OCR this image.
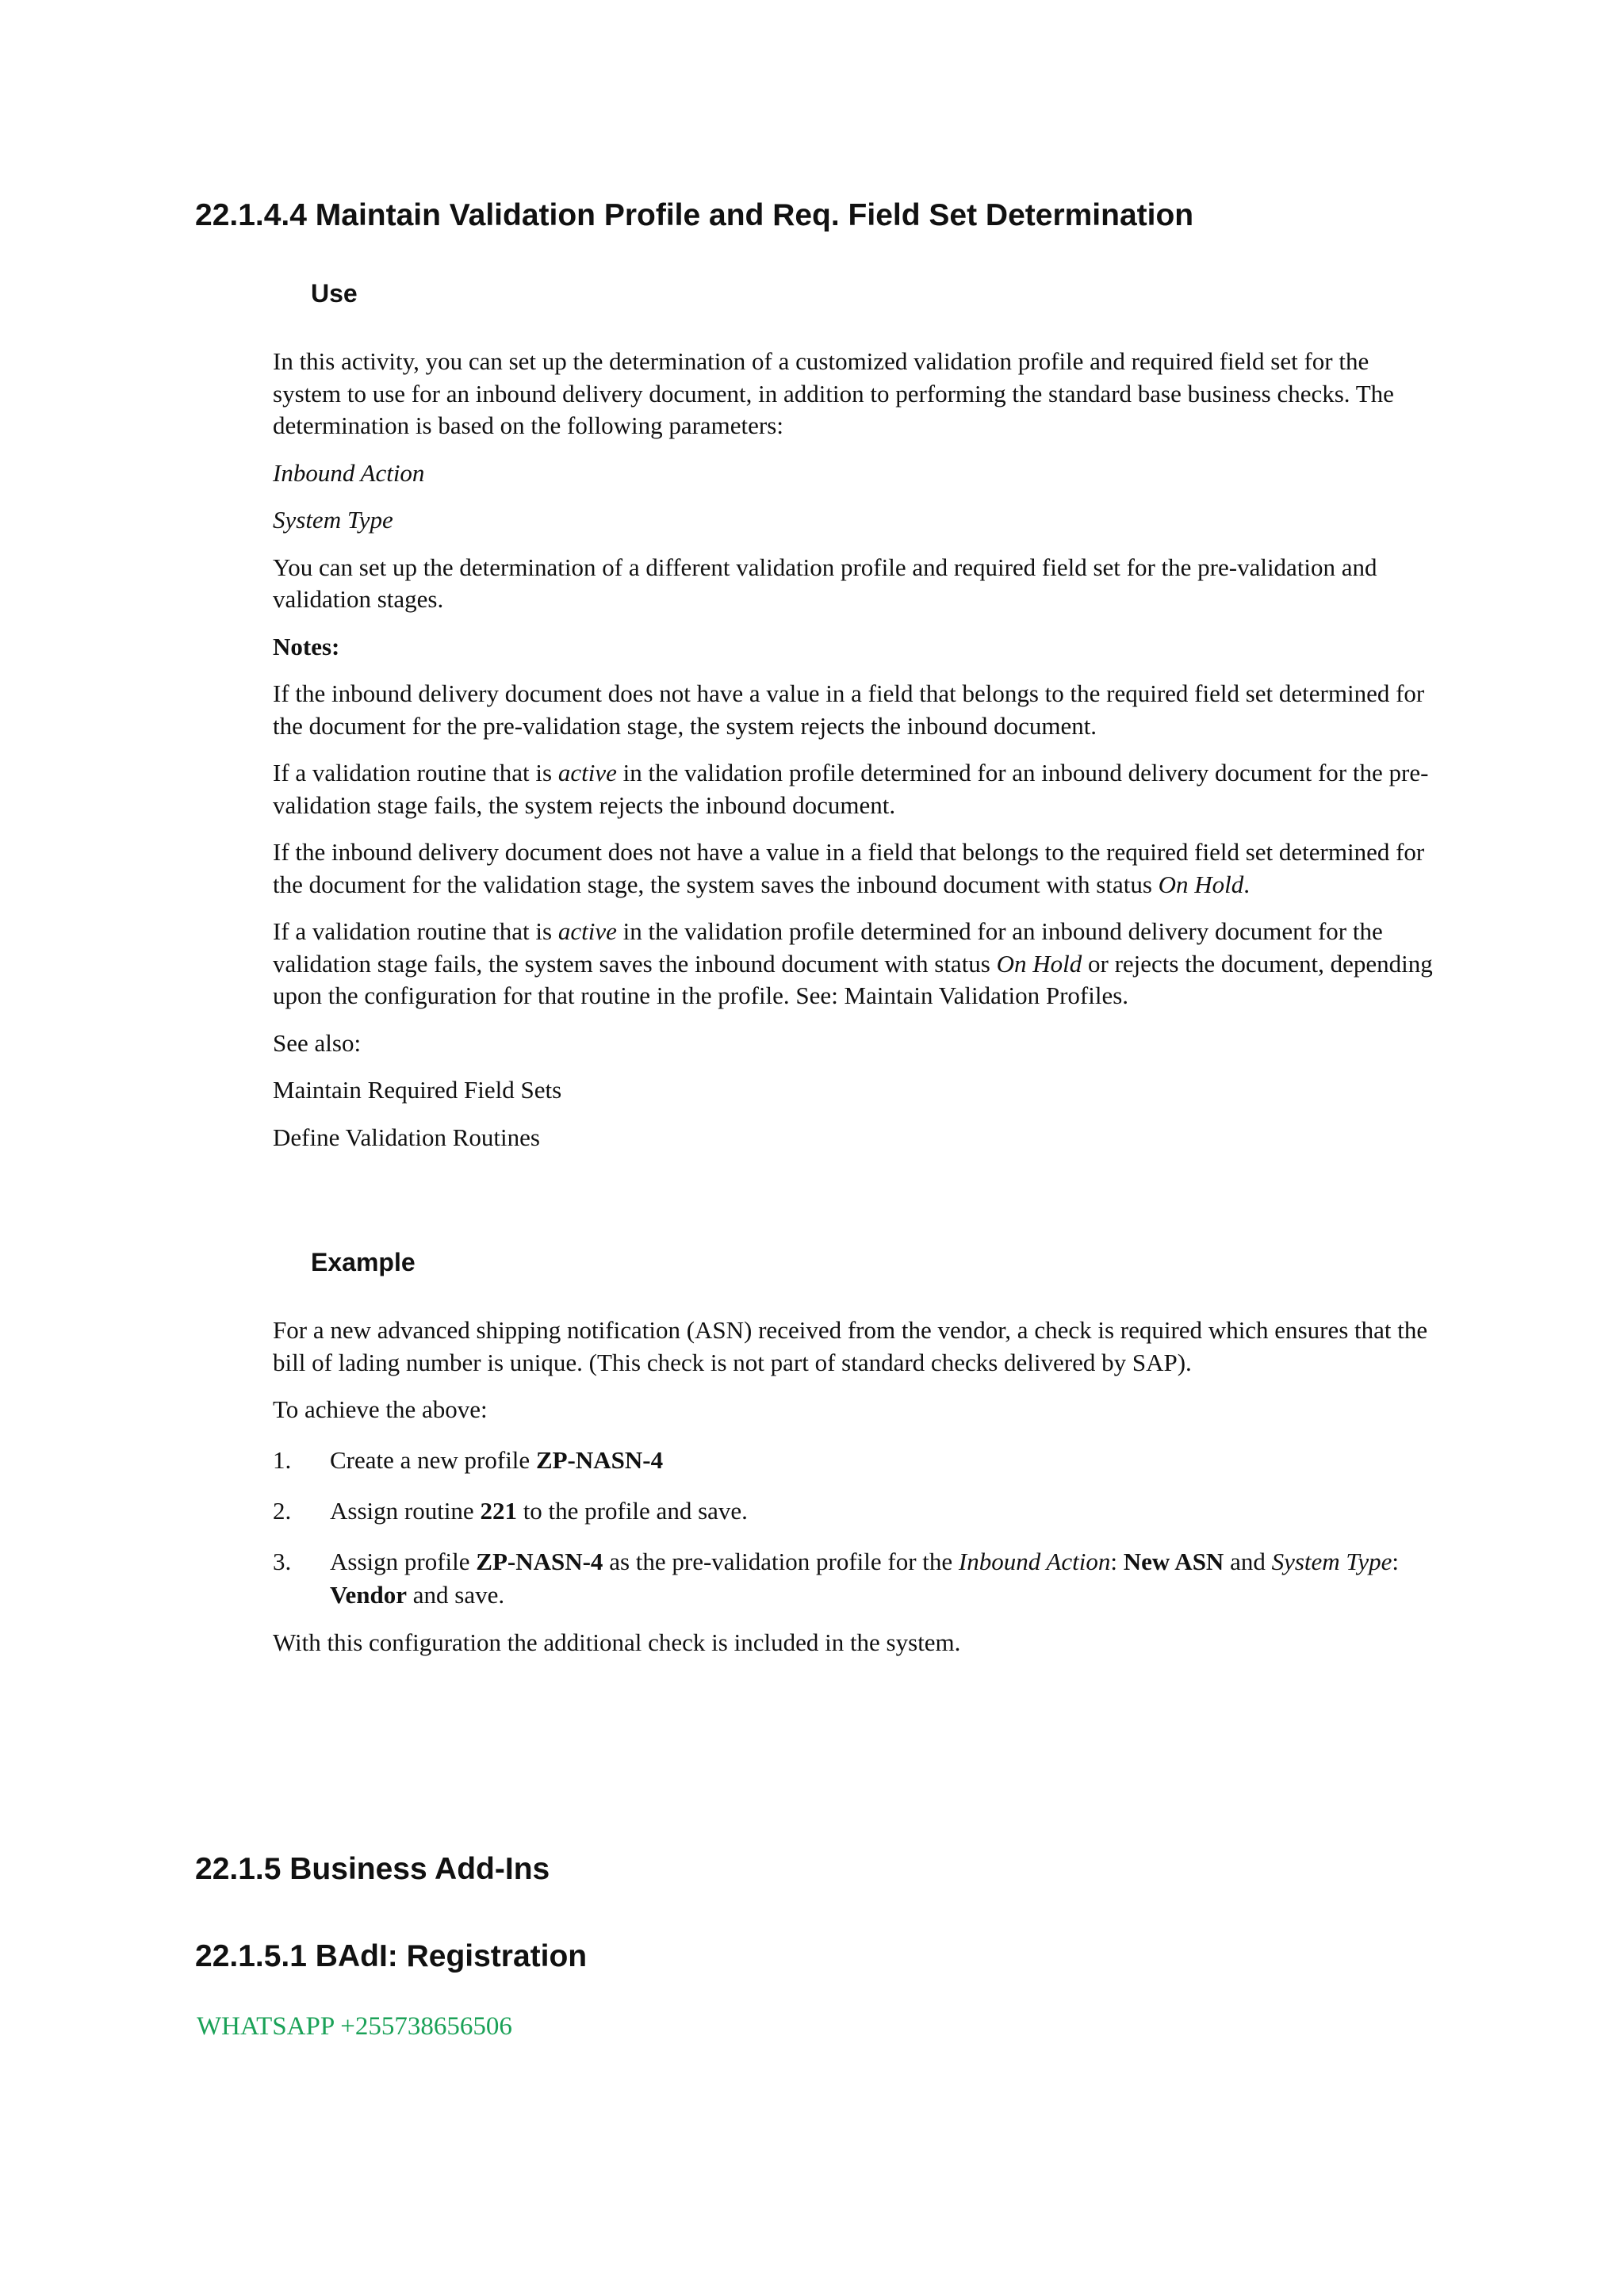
22.1.4.4 Maintain Validation Profile and Req. Field Set Determination
Use

In this activity, you can set up the determination of a customized validation profile and required field set for the system to use for an inbound delivery document, in addition to performing the standard base business checks. The determination is based on the following parameters:

Inbound Action

System Type

You can set up the determination of a different validation profile and required field set for the pre-validation and validation stages.

Notes:

If the inbound delivery document does not have a value in a field that belongs to the required field set determined for the document for the pre-validation stage, the system rejects the inbound document.

If a validation routine that is active in the validation profile determined for an inbound delivery document for the pre-validation stage fails, the system rejects the inbound document.

If the inbound delivery document does not have a value in a field that belongs to the required field set determined for the document for the validation stage, the system saves the inbound document with status On Hold.

If a validation routine that is active in the validation profile determined for an inbound delivery document for the validation stage fails, the system saves the inbound document with status On Hold or rejects the document, depending upon the configuration for that routine in the profile. See: Maintain Validation Profiles.

See also:

Maintain Required Field Sets

Define Validation Routines

Example

For a new advanced shipping notification (ASN) received from the vendor, a check is required which ensures that the bill of lading number is unique. (This check is not part of standard checks delivered by SAP).

To achieve the above:

1. Create a new profile ZP-NASN-4
2. Assign routine 221 to the profile and save.
3. Assign profile ZP-NASN-4 as the pre-validation profile for the Inbound Action: New ASN and System Type: Vendor and save.

With this configuration the additional check is included in the system.

22.1.5 Business Add-Ins
22.1.5.1 BAdI: Registration

WHATSAPP +255738656506
